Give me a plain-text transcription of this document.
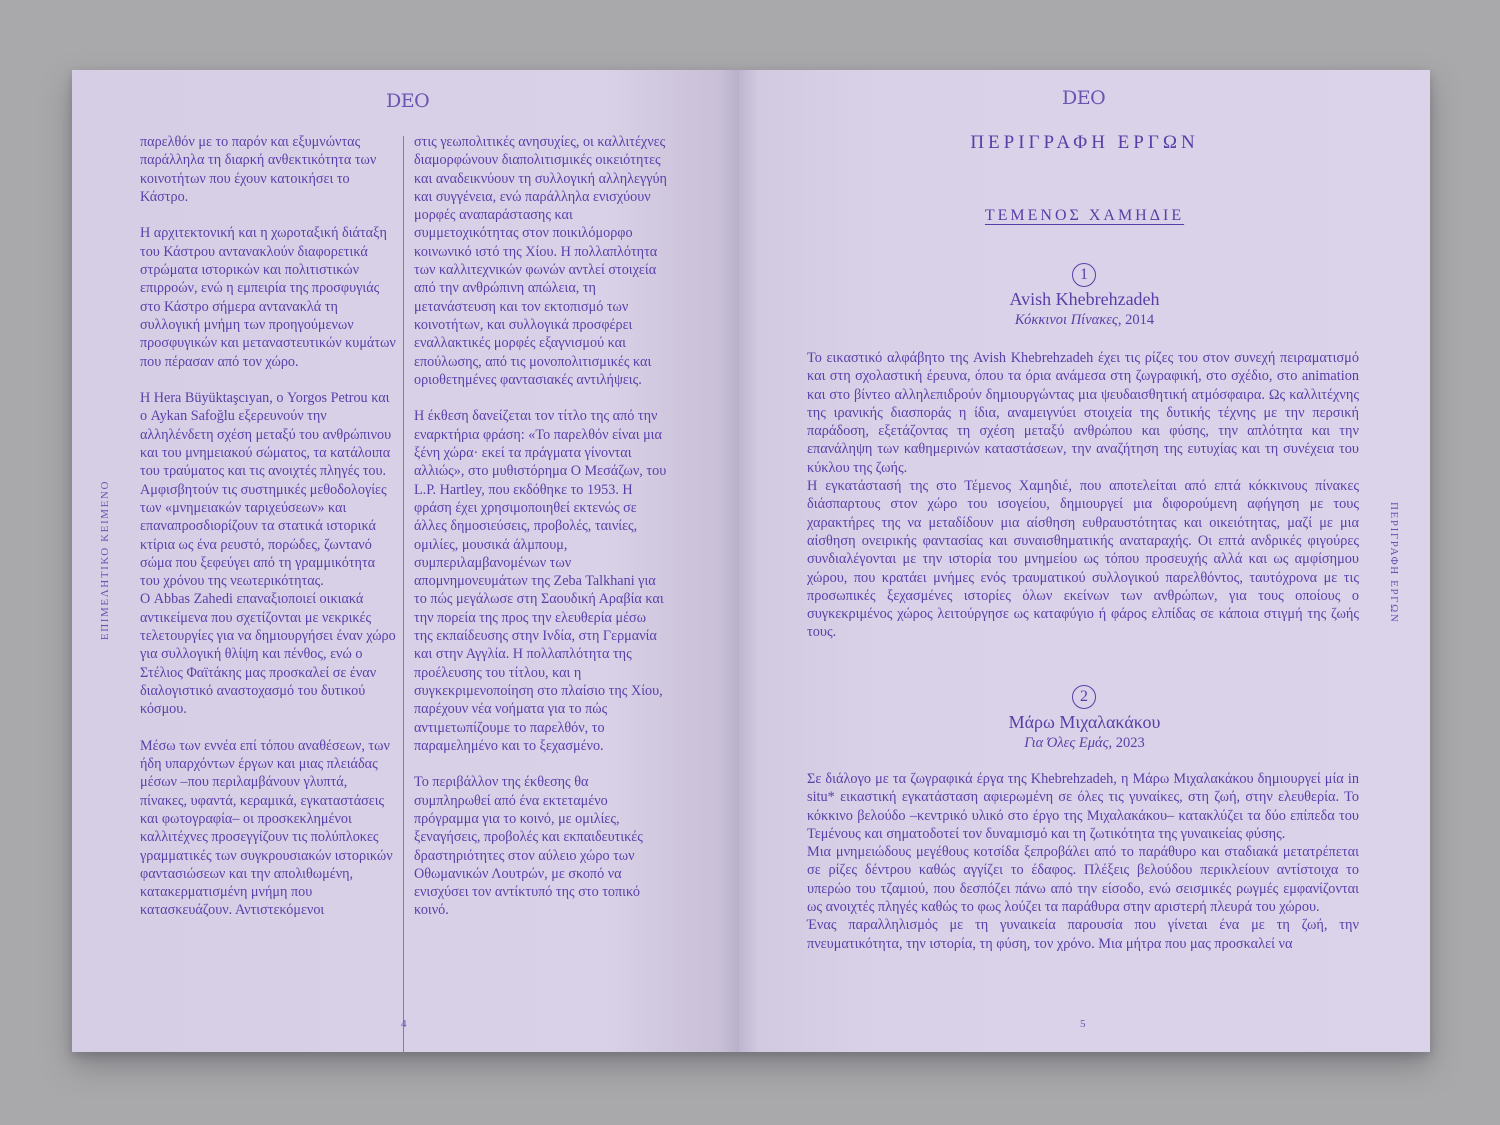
DEO
ΕΠΙΜΕΛΗΤΙΚΟ ΚΕΙΜΕΝΟ

παρελθόν με το παρόν και εξυμνώντας παράλληλα τη διαρκή ανθεκτικότητα των κοινοτήτων που έχουν κατοικήσει το Κάστρο.

Η αρχιτεκτονική και η χωροταξική διάταξη του Κάστρου αντανακλούν διαφορετικά στρώματα ιστορικών και πολιτιστικών επιρροών, ενώ η εμπειρία της προσφυγιάς στο Κάστρο σήμερα αντανακλά τη συλλογική μνήμη των προηγούμενων προσφυγικών και μεταναστευτικών κυμάτων που πέρασαν από τον χώρο.

Η Hera Büyüktaşcıyan, ο Yorgos Petrou και ο Aykan Safoğlu εξερευνούν την αλληλένδετη σχέση μεταξύ του ανθρώπινου και του μνημειακού σώματος, τα κατάλοιπα του τραύματος και τις ανοιχτές πληγές του. Αμφισβητούν τις συστημικές μεθοδολογίες των «μνημειακών ταριχεύσεων» και επαναπροσδιορίζουν τα στατικά ιστορικά κτίρια ως ένα ρευστό, πορώδες, ζωντανό σώμα που ξεφεύγει από τη γραμμικότητα του χρόνου της νεωτερικότητας.

Ο Abbas Zahedi επαναξιοποιεί οικιακά αντικείμενα που σχετίζονται με νεκρικές τελετουργίες για να δημιουργήσει έναν χώρο για συλλογική θλίψη και πένθος, ενώ ο Στέλιος Φαϊτάκης μας προσκαλεί σε έναν διαλογιστικό αναστοχασμό του δυτικού κόσμου.

Μέσω των εννέα επί τόπου αναθέσεων, των ήδη υπαρχόντων έργων και μιας πλειάδας μέσων –που περιλαμβάνουν γλυπτά, πίνακες, υφαντά, κεραμικά, εγκαταστάσεις και φωτογραφία– οι προσκεκλημένοι καλλιτέχνες προσεγγίζουν τις πολύπλοκες γραμματικές των συγκρουσιακών ιστορικών φαντασιώσεων και την απολιθωμένη, κατακερματισμένη μνήμη που κατασκευάζουν. Αντιστεκόμενοι

στις γεωπολιτικές ανησυχίες, οι καλλιτέχνες διαμορφώνουν διαπολιτισμικές οικειότητες και αναδεικνύουν τη συλλογική αλληλεγγύη και συγγένεια, ενώ παράλληλα ενισχύουν μορφές αναπαράστασης και συμμετοχικότητας στον ποικιλόμορφο κοινωνικό ιστό της Χίου. Η πολλαπλότητα των καλλιτεχνικών φωνών αντλεί στοιχεία από την ανθρώπινη απώλεια, τη μετανάστευση και τον εκτοπισμό των κοινοτήτων, και συλλογικά προσφέρει εναλλακτικές μορφές εξαγνισμού και επούλωσης, από τις μονοπολιτισμικές και οριοθετημένες φαντασιακές αντιλήψεις.

Η έκθεση δανείζεται τον τίτλο της από την εναρκτήρια φράση: «Το παρελθόν είναι μια ξένη χώρα· εκεί τα πράγματα γίνονται αλλιώς», στο μυθιστόρημα Ο Μεσάζων, του L.P. Hartley, που εκδόθηκε το 1953. Η φράση έχει χρησιμοποιηθεί εκτενώς σε άλλες δημοσιεύσεις, προβολές, ταινίες, ομιλίες, μουσικά άλμπουμ, συμπεριλαμβανομένων των απομνημονευμάτων της Zeba Talkhani για το πώς μεγάλωσε στη Σαουδική Αραβία και την πορεία της προς την ελευθερία μέσω της εκπαίδευσης στην Ινδία, στη Γερμανία και στην Αγγλία. Η πολλαπλότητα της προέλευσης του τίτλου, και η συγκεκριμενοποίηση στο πλαίσιο της Χίου, παρέχουν νέα νοήματα για το πώς αντιμετωπίζουμε το παρελθόν, το παραμελημένο και το ξεχασμένο.

Το περιβάλλον της έκθεσης θα συμπληρωθεί από ένα εκτεταμένο πρόγραμμα για το κοινό, με ομιλίες, ξεναγήσεις, προβολές και εκπαιδευτικές δραστηριότητες στον αύλειο χώρο των Οθωμανικών Λουτρών, με σκοπό να ενισχύσει τον αντίκτυπό της στο τοπικό κοινό.

4
DEO
ΠΕΡΙΓΡΑΦΗ ΕΡΓΩΝ
ΤΕΜΕΝΟΣ ΧΑΜΗΔΙΕ
1
Avish Khebrehzadeh
Κόκκινοι Πίνακες, 2014

Το εικαστικό αλφάβητο της Avish Khebrehzadeh έχει τις ρίζες του στον συνεχή πειραματισμό και στη σχολαστική έρευνα, όπου τα όρια ανάμεσα στη ζωγραφική, στο σχέδιο, στο animation και στο βίντεο αλληλεπιδρούν δημιουργώντας μια ψευδαισθητική ατμόσφαιρα. Ως καλλιτέχνης της ιρανικής διασποράς η ίδια, αναμειγνύει στοιχεία της δυτικής τέχνης με την περσική παράδοση, εξετάζοντας τη σχέση μεταξύ ανθρώπου και φύσης, την απλότητα και την επανάληψη των καθημερινών καταστάσεων, την αναζήτηση της ευτυχίας και τη συνέχεια του κύκλου της ζωής.

Η εγκατάστασή της στο Τέμενος Χαμηδιέ, που αποτελείται από επτά κόκκινους πίνακες διάσπαρτους στον χώρο του ισογείου, δημιουργεί μια διφορούμενη αφήγηση με τους χαρακτήρες της να μεταδίδουν μια αίσθηση ευθραυστότητας και οικειότητας, μαζί με μια αίσθηση ονειρικής φαντασίας και συναισθηματικής αναταραχής. Οι επτά ανδρικές φιγούρες συνδιαλέγονται με την ιστορία του μνημείου ως τόπου προσευχής αλλά και ως αμφίσημου χώρου, που κρατάει μνήμες ενός τραυματικού συλλογικού παρελθόντος, ταυτόχρονα με τις προσωπικές ξεχασμένες ιστορίες όλων εκείνων των ανθρώπων, για τους οποίους ο συγκεκριμένος χώρος λειτούργησε ως καταφύγιο ή φάρος ελπίδας σε κάποια στιγμή της ζωής τους.

2
Μάρω Μιχαλακάκου
Για Όλες Εμάς, 2023

Σε διάλογο με τα ζωγραφικά έργα της Khebrehzadeh, η Μάρω Μιχαλακάκου δημιουργεί μία in situ* εικαστική εγκατάσταση αφιερωμένη σε όλες τις γυναίκες, στη ζωή, στην ελευθερία. Το κόκκινο βελούδο –κεντρικό υλικό στο έργο της Μιχαλακάκου– κατακλύζει τα δύο επίπεδα του Τεμένους και σηματοδοτεί τον δυναμισμό και τη ζωτικότητα της γυναικείας φύσης.

Μια μνημειώδους μεγέθους κοτσίδα ξεπροβάλει από το παράθυρο και σταδιακά μετατρέπεται σε ρίζες δέντρου καθώς αγγίζει το έδαφος. Πλέξεις βελούδου περικλείουν αντίστοιχα το υπερώο του τζαμιού, που δεσπόζει πάνω από την είσοδο, ενώ σεισμικές ρωγμές εμφανίζονται ως ανοιχτές πληγές καθώς το φως λούζει τα παράθυρα στην αριστερή πλευρά του χώρου.

Ένας παραλληλισμός με τη γυναικεία παρουσία που γίνεται ένα με τη ζωή, την πνευματικότητα, την ιστορία, τη φύση, τον χρόνο. Μια μήτρα που μας προσκαλεί να

ΠΕΡΙΓΡΑΦΗ ΕΡΓΩΝ
5
